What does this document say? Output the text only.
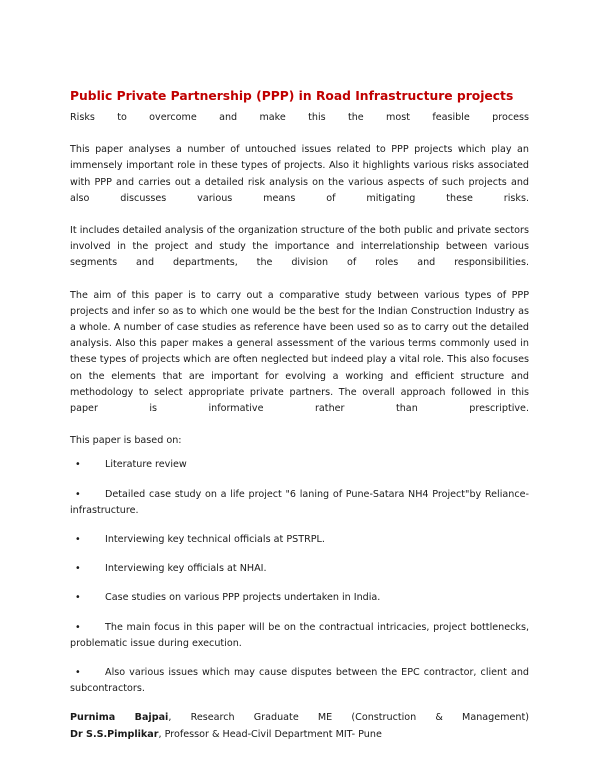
Public Private Partnership (PPP) in Road Infrastructure projects

Risks to overcome and make this the most feasible process

This paper analyses a number of untouched issues related to PPP projects which play an immensely important role in these types of projects. Also it highlights various risks associated with PPP and carries out a detailed risk analysis on the various aspects of such projects and also discusses various means of mitigating these risks.

It includes detailed analysis of the organization structure of the both public and private sectors involved in the project and study the importance and interrelationship between various segments and departments, the division of roles and responsibilities.

The aim of this paper is to carry out a comparative study between various types of PPP projects and infer so as to which one would be the best for the Indian Construction Industry as a whole. A number of case studies as reference have been used so as to carry out the detailed analysis. Also this paper makes a general assessment of the various terms commonly used in these types of projects which are often neglected but indeed play a vital role. This also focuses on the elements that are important for evolving a working and efficient structure and methodology to select appropriate private partners. The overall approach followed in this paper is informative rather than prescriptive.

This paper is based on:

•	Literature review
•	Detailed case study on a life project "6 laning of Pune-Satara NH4 Project"by Reliance-infrastructure.
•	Interviewing key technical officials at PSTRPL.
•	Interviewing key officials at NHAI.
•	Case studies on various PPP projects undertaken in India.
•	The main focus in this paper will be on the contractual intricacies, project bottlenecks, problematic issue during execution.
•	Also various issues which may cause disputes between the EPC contractor, client and subcontractors.

Purnima Bajpai, Research Graduate ME (Construction & Management)

Dr S.S.Pimplikar, Professor & Head-Civil Department MIT- Pune
